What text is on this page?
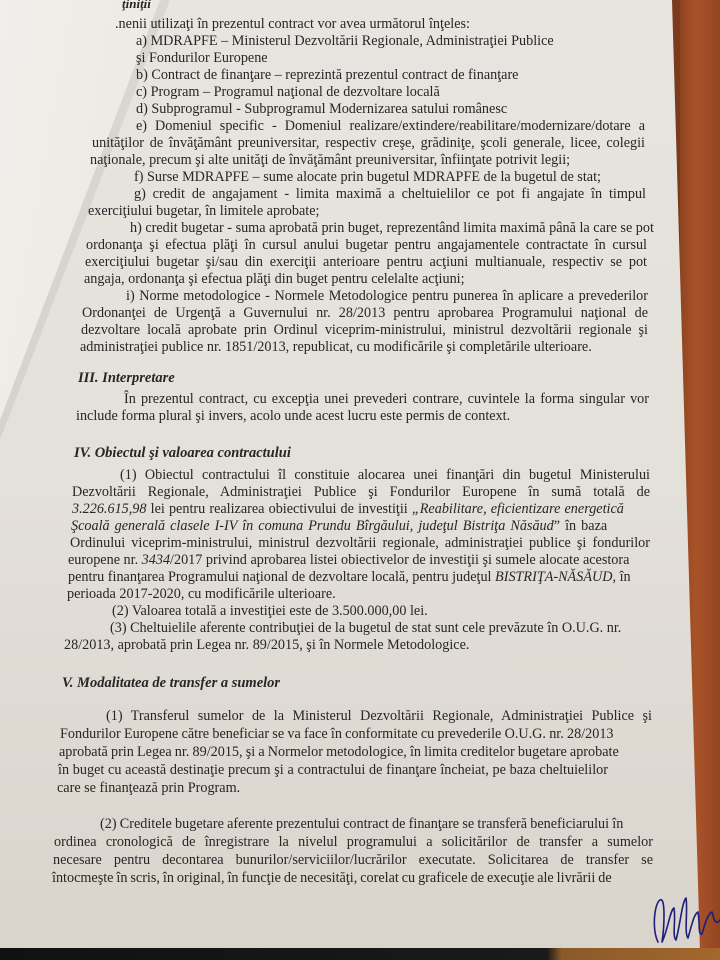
ţiniţii
.nenii utilizaţi în prezentul contract vor avea următorul înţeles:
a) MDRAPFE – Ministerul Dezvoltării Regionale, Administraţiei Publice
şi Fondurilor Europene
b) Contract de finanţare – reprezintă prezentul contract de finanţare
c) Program – Programul naţional de dezvoltare locală
d) Subprogramul - Subprogramul Modernizarea satului românesc
e) Domeniul specific - Domeniul realizare/extindere/reabilitare/modernizare/dotare a
unităţilor de învăţământ preuniversitar, respectiv creşe, grădiniţe, şcoli generale, licee, colegii
naţionale, precum şi alte unităţi de învăţământ preuniversitar, înfiinţate potrivit legii;
f) Surse MDRAPFE – sume alocate prin bugetul MDRAPFE de la bugetul de stat;
g) credit de angajament - limita maximă a cheltuielilor ce pot fi angajate în timpul
exerciţiului bugetar, în limitele aprobate;
h) credit bugetar - suma aprobată prin buget, reprezentând limita maximă până la care se pot
ordonanţa şi efectua plăţi în cursul anului bugetar pentru angajamentele contractate în cursul
exerciţiului bugetar şi/sau din exerciţii anterioare pentru acţiuni multianuale, respectiv se pot
angaja, ordonanţa şi efectua plăţi din buget pentru celelalte acţiuni;
i) Norme metodologice - Normele Metodologice pentru punerea în aplicare a prevederilor
Ordonanţei de Urgenţă a Guvernului nr. 28/2013 pentru aprobarea Programului naţional de
dezvoltare locală aprobate prin Ordinul viceprim-ministrului, ministrul dezvoltării regionale şi
administraţiei publice nr. 1851/2013, republicat, cu modificările şi completările ulterioare.
III. Interpretare
În prezentul contract, cu excepţia unei prevederi contrare, cuvintele la forma singular vor
include forma plural şi invers, acolo unde acest lucru este permis de context.
IV. Obiectul şi valoarea contractului
(1) Obiectul contractului îl constituie alocarea unei finanţări din bugetul Ministerului
Dezvoltării Regionale, Administraţiei Publice şi Fondurilor Europene în sumă totală de
3.226.615,98 lei pentru realizarea obiectivului de investiţii „Reabilitare, eficientizare energetică
Şcoală generală clasele I-IV în comuna Prundu Bîrgăului, judeţul Bistriţa Năsăud” în baza
Ordinului viceprim-ministrului, ministrul dezvoltării regionale, administraţiei publice şi fondurilor
europene nr. 3434/2017 privind aprobarea listei obiectivelor de investiţii şi sumele alocate acestora
pentru finanţarea Programului naţional de dezvoltare locală, pentru judeţul BISTRIŢA-NĂSĂUD, în
perioada 2017-2020, cu modificările ulterioare.
(2) Valoarea totală a investiţiei este de 3.500.000,00 lei.
(3) Cheltuielile aferente contribuţiei de la bugetul de stat sunt cele prevăzute în O.U.G. nr.
28/2013, aprobată prin Legea nr. 89/2015, şi în Normele Metodologice.
V. Modalitatea de transfer a sumelor
(1) Transferul sumelor de la Ministerul Dezvoltării Regionale, Administraţiei Publice şi
Fondurilor Europene către beneficiar se va face în conformitate cu prevederile O.U.G. nr. 28/2013
aprobată prin Legea nr. 89/2015, şi a Normelor metodologice, în limita creditelor bugetare aprobate
în buget cu această destinaţie precum şi a contractului de finanţare încheiat, pe baza cheltuielilor
care se finanţează prin Program.
(2) Creditele bugetare aferente prezentului contract de finanţare se transferă beneficiarului în
ordinea cronologică de înregistrare la nivelul programului a solicitărilor de transfer a sumelor
necesare pentru decontarea bunurilor/serviciilor/lucrărilor executate. Solicitarea de transfer se
întocmeşte în scris, în original, în funcţie de necesităţi, corelat cu graficele de execuţie ale livrării de
